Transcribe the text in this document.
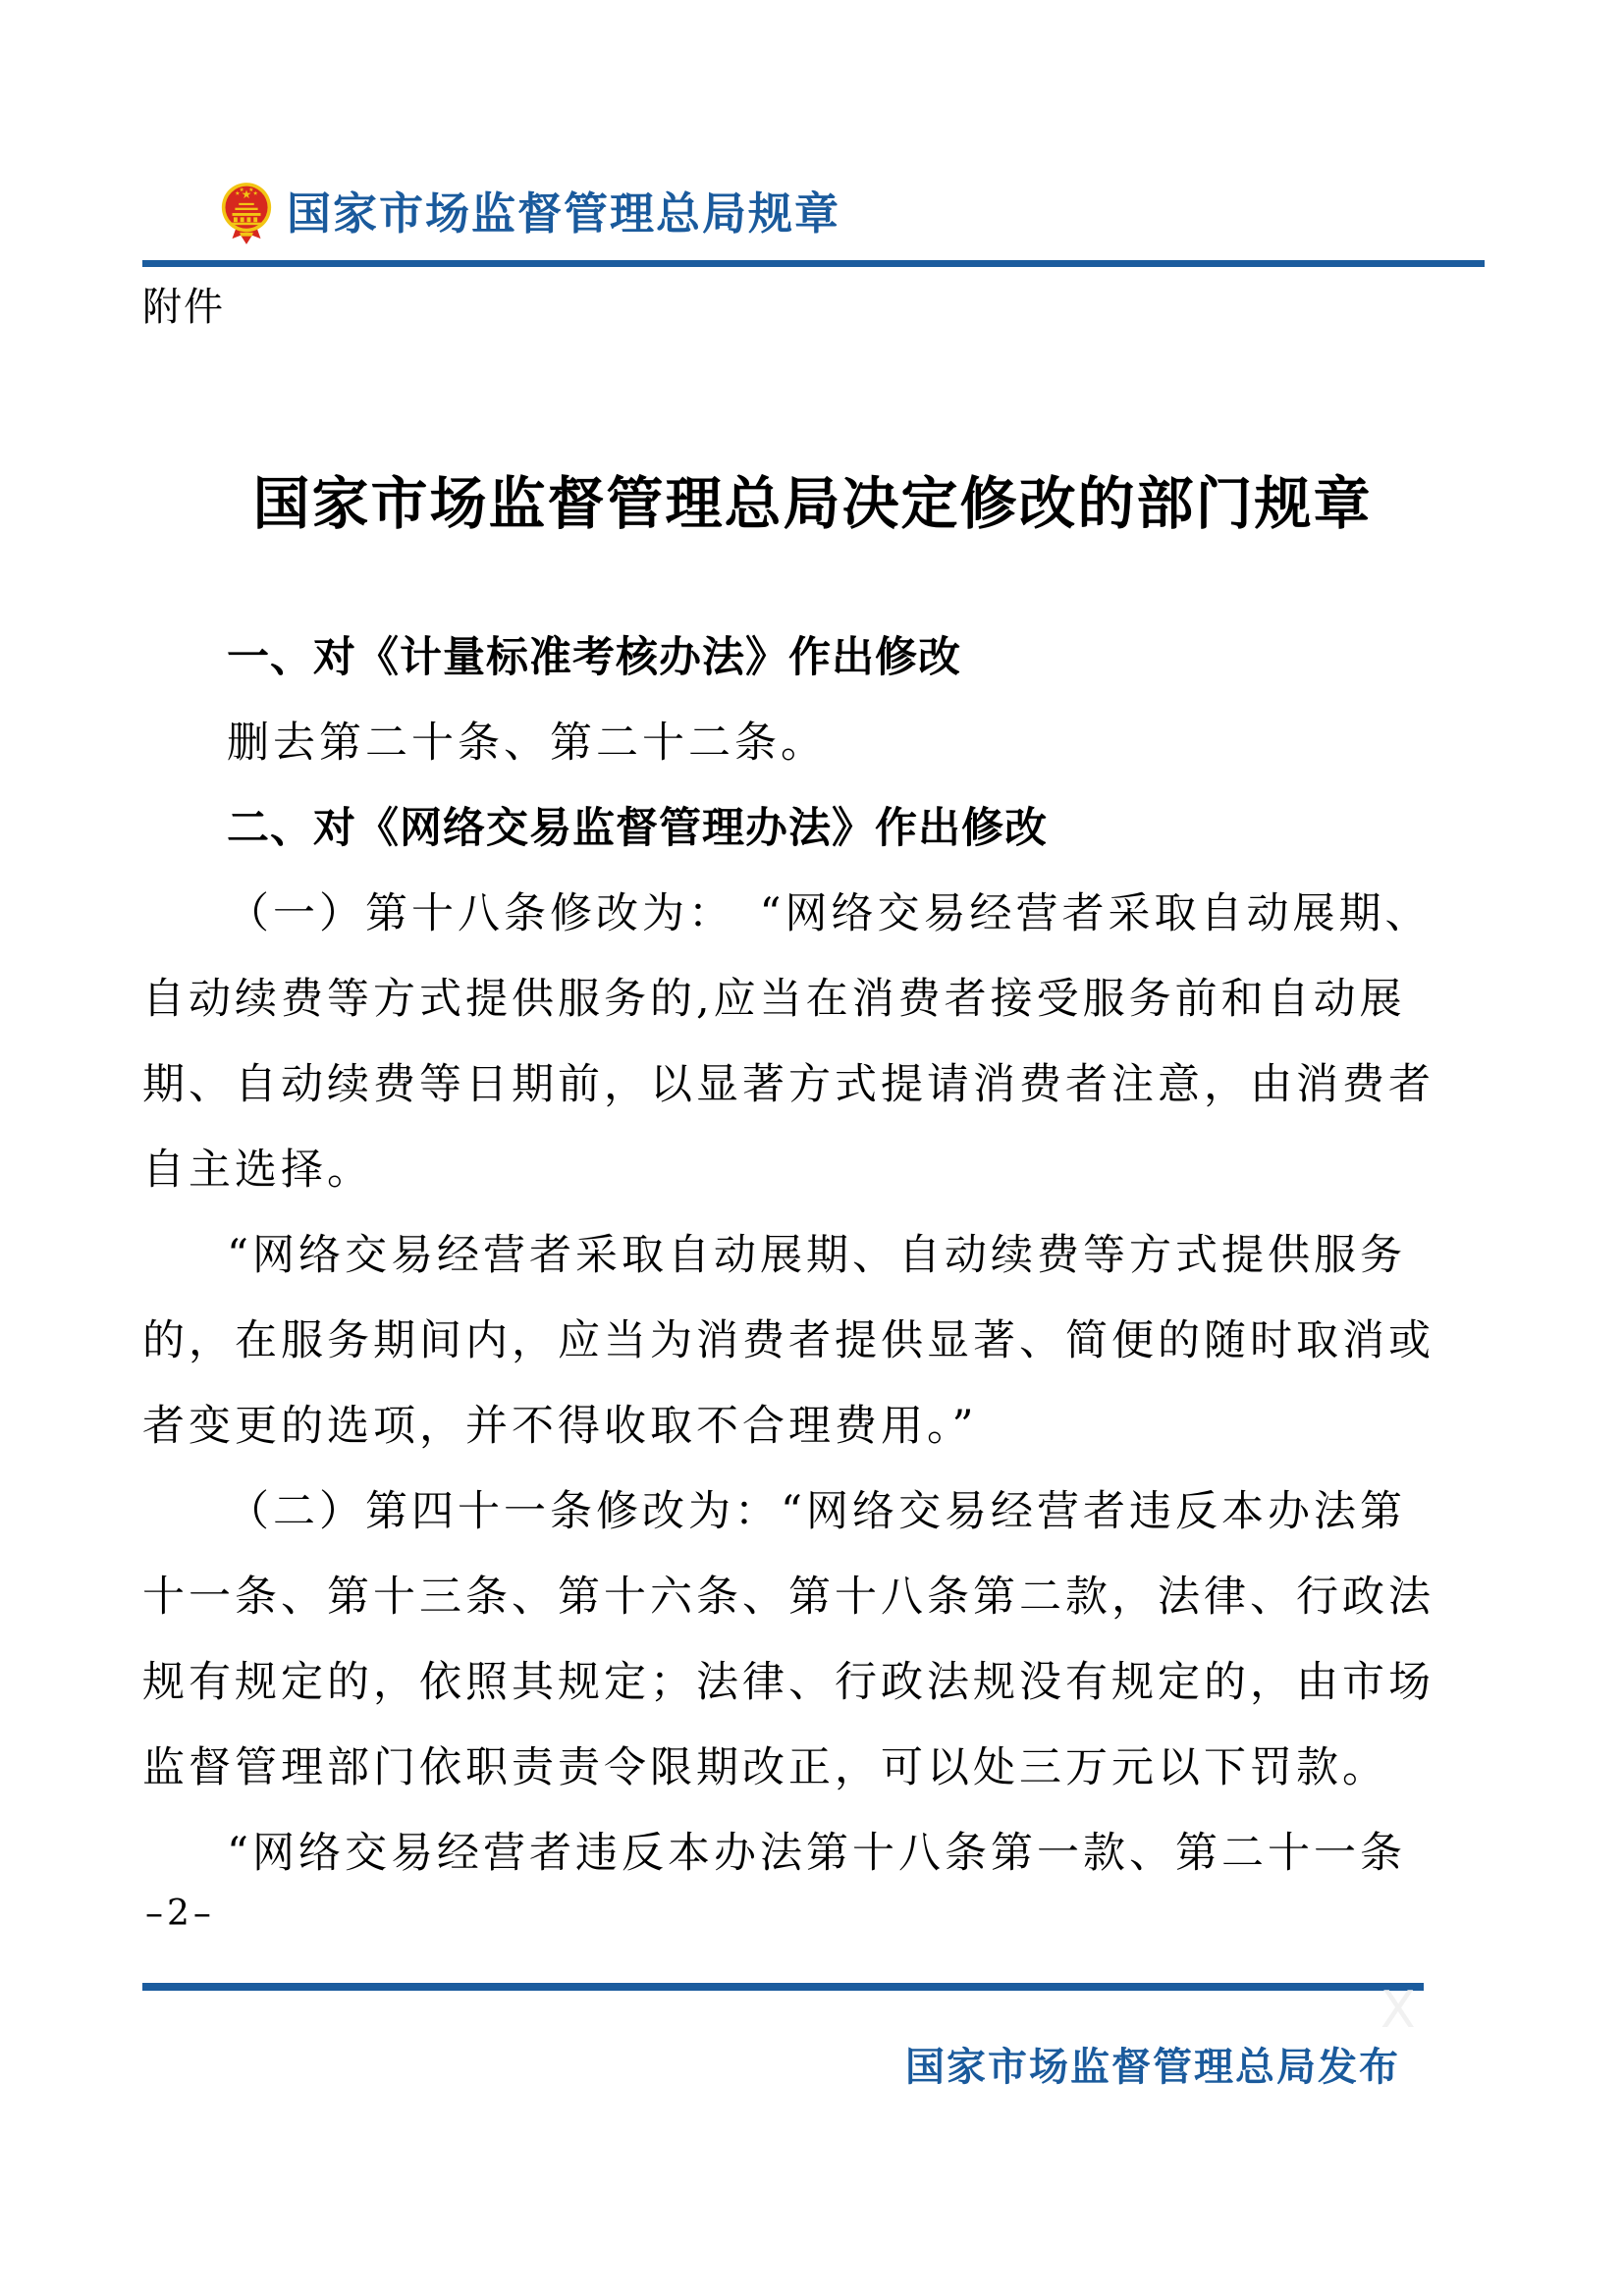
国家市场监督管理总局规章
附件
国家市场监督管理总局决定修改的部门规章
一、对《计量标准考核办法》作出修改
删去第二十条、第二十二条。
二、对《网络交易监督管理办法》作出修改
（一）第十八条修改为：　“网络交易经营者采取自动展期、
自动续费等方式提供服务的,应当在消费者接受服务前和自动展
期、自动续费等日期前，以显著方式提请消费者注意，由消费者
自主选择。
“网络交易经营者采取自动展期、自动续费等方式提供服务
的，在服务期间内，应当为消费者提供显著、简便的随时取消或
者变更的选项，并不得收取不合理费用。”
（二）第四十一条修改为：“网络交易经营者违反本办法第
十一条、第十三条、第十六条、第十八条第二款，法律、行政法
规有规定的，依照其规定；法律、行政法规没有规定的，由市场
监督管理部门依职责责令限期改正，可以处三万元以下罚款。
“网络交易经营者违反本办法第十八条第一款、第二十一条
–2–
X
国家市场监督管理总局发布
